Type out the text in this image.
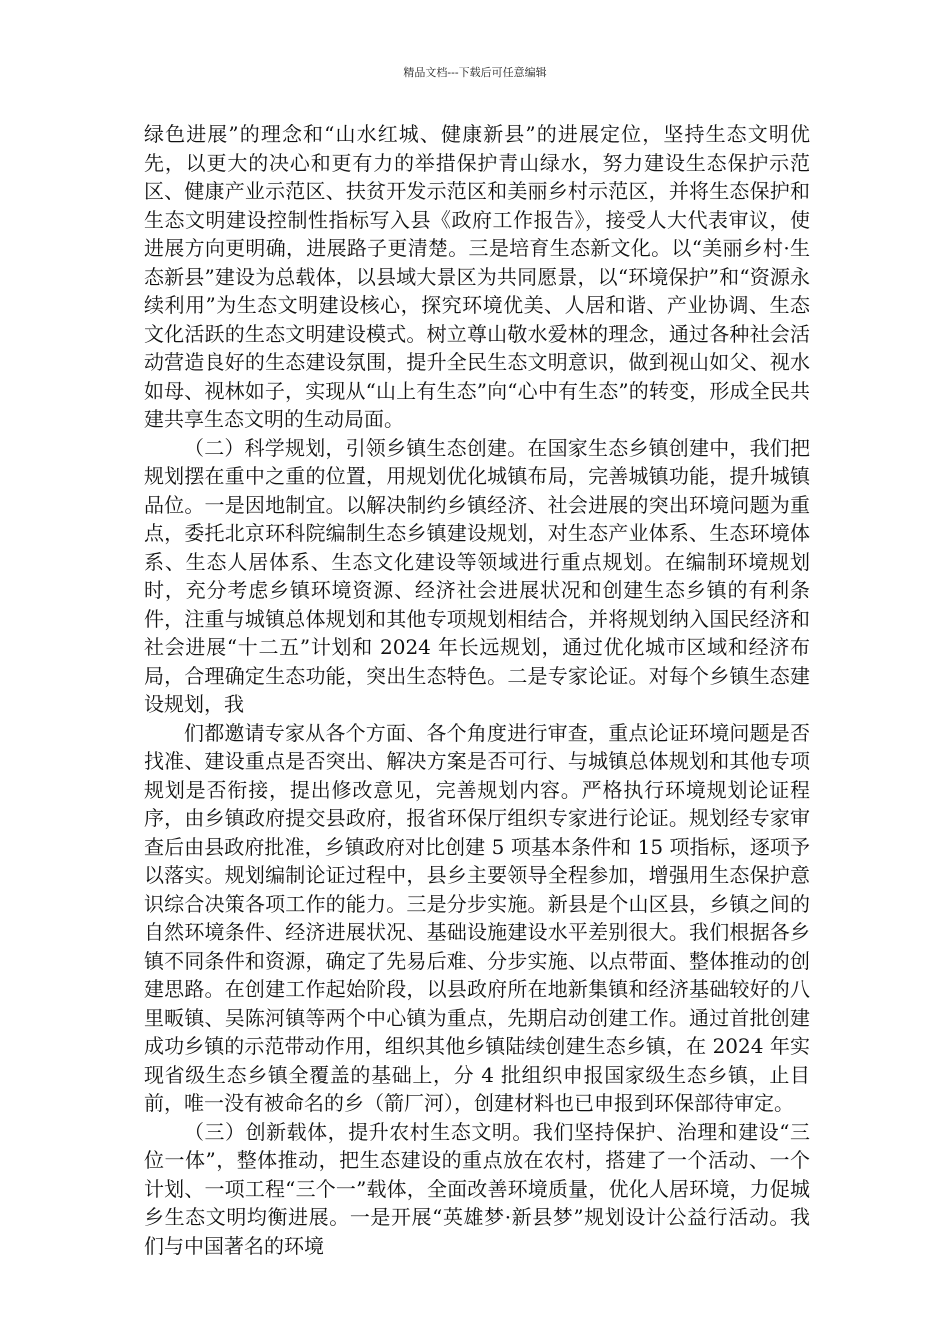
精品文档---下载后可任意编辑

绿色进展”的理念和“山水红城、健康新县”的进展定位，坚持生态文明优先，以更大的决心和更有力的举措保护青山绿水，努力建设生态保护示范区、健康产业示范区、扶贫开发示范区和美丽乡村示范区，并将生态保护和生态文明建设控制性指标写入县《政府工作报告》，接受人大代表审议，使进展方向更明确，进展路子更清楚。三是培育生态新文化。以“美丽乡村·生态新县”建设为总载体，以县域大景区为共同愿景，以“环境保护”和“资源永续利用”为生态文明建设核心，探究环境优美、人居和谐、产业协调、生态文化活跃的生态文明建设模式。树立尊山敬水爱林的理念，通过各种社会活动营造良好的生态建设氛围，提升全民生态文明意识，做到视山如父、视水如母、视林如子，实现从“山上有生态”向“心中有生态”的转变，形成全民共建共享生态文明的生动局面。

（二）科学规划，引领乡镇生态创建。在国家生态乡镇创建中，我们把规划摆在重中之重的位置，用规划优化城镇布局，完善城镇功能，提升城镇品位。一是因地制宜。以解决制约乡镇经济、社会进展的突出环境问题为重点，委托北京环科院编制生态乡镇建设规划，对生态产业体系、生态环境体系、生态人居体系、生态文化建设等领域进行重点规划。在编制环境规划时，充分考虑乡镇环境资源、经济社会进展状况和创建生态乡镇的有利条件，注重与城镇总体规划和其他专项规划相结合，并将规划纳入国民经济和社会进展“十二五”计划和 2024 年长远规划，通过优化城市区域和经济布局，合理确定生态功能，突出生态特色。二是专家论证。对每个乡镇生态建设规划，我

们都邀请专家从各个方面、各个角度进行审查，重点论证环境问题是否找准、建设重点是否突出、解决方案是否可行、与城镇总体规划和其他专项规划是否衔接，提出修改意见，完善规划内容。严格执行环境规划论证程序，由乡镇政府提交县政府，报省环保厅组织专家进行论证。规划经专家审查后由县政府批准，乡镇政府对比创建 5 项基本条件和 15 项指标，逐项予以落实。规划编制论证过程中，县乡主要领导全程参加，增强用生态保护意识综合决策各项工作的能力。三是分步实施。新县是个山区县，乡镇之间的自然环境条件、经济进展状况、基础设施建设水平差别很大。我们根据各乡镇不同条件和资源，确定了先易后难、分步实施、以点带面、整体推动的创建思路。在创建工作起始阶段，以县政府所在地新集镇和经济基础较好的八里畈镇、吴陈河镇等两个中心镇为重点，先期启动创建工作。通过首批创建成功乡镇的示范带动作用，组织其他乡镇陆续创建生态乡镇，在 2024 年实现省级生态乡镇全覆盖的基础上，分 4 批组织申报国家级生态乡镇，止目前，唯一没有被命名的乡（箭厂河），创建材料也已申报到环保部待审定。

（三）创新载体，提升农村生态文明。我们坚持保护、治理和建设“三位一体”，整体推动，把生态建设的重点放在农村，搭建了一个活动、一个计划、一项工程“三个一”载体，全面改善环境质量，优化人居环境，力促城乡生态文明均衡进展。一是开展“英雄梦·新县梦”规划设计公益行活动。我们与中国著名的环境
